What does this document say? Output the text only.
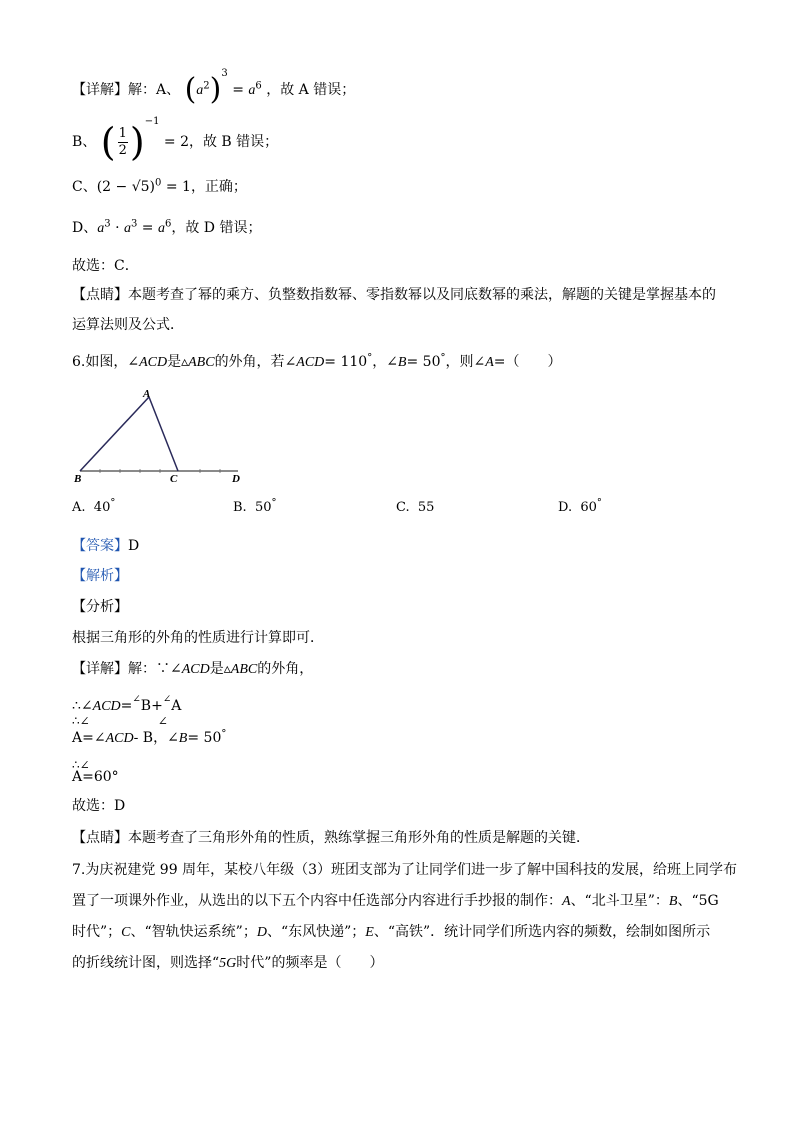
【详解】解：A、 $(a^2)^3 = a^6$ ，故 A 错误；
B、 ( $\frac{1}{2} )^{-1} = 2$，故 B 错误；
C、$(2 - √5)^0 = 1$，正确；
D、$a^3 \cdot a^3 = a^6$，故 D 错误；
故选：C．
【点睛】本题考查了幂的乘方、负整数指数幂、零指数幂以及同底数幂的乘法，解题的关键是掌握基本的
运算法则及公式．
6.如图，∠ACD是▵ABC的外角，若∠ACD= 110°，∠B= 50°，则∠A=（　　）
A
B	C	D
A. 40°	B. 50°	C. 55	D. 60°
【答案】D
【解析】
【分析】
根据三角形的外角的性质进行计算即可．
【详解】解：∵∠ACD是▵ABC的外角，
∴∠ACD=∠B+∠A
∴∠	∠
A=∠ACD- B，∠B= 50°
∴∠
A=60°
故选：D
【点睛】本题考查了三角形外角的性质，熟练掌握三角形外角的性质是解题的关键．
7.为庆祝建党 99 周年，某校八年级（3）班团支部为了让同学们进一步了解中国科技的发展，给班上同学布
置了一项课外作业，从选出的以下五个内容中任选部分内容进行手抄报的制作：A、“北斗卫星”：B、“5G
时代”；C、“智轨快运系统”；D、“东风快递”；E、“高铁”．统计同学们所选内容的频数，绘制如图所示
的折线统计图，则选择“5G时代”的频率是（　　）
